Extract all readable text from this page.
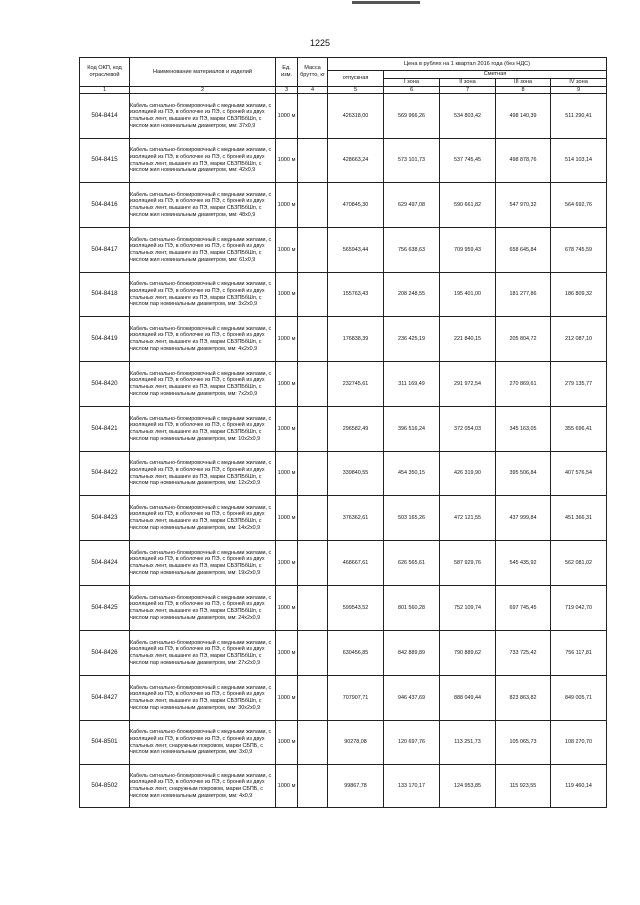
1225
Код ОКП, код отраслевой	Наименование материалов и изделий	Ед. изм.	Масса брутто, кг	Цена в рублях на 1 квартал 2016 года (без НДС)				
				отпускная	Сметная			
					I зона	II зона	III зона	IV зона
1	2	3	4	5	6	7	8	9
504-8414	Кабель сигнально-блокировочный с медными жилами, с изоляцией из ПЭ, в оболочке из ПЭ, с броней из двух стальных лент, вышанге из ПЭ, марки СБЗПБбШп, с числом жил номинальным диаметром, мм: 37х0,9	1000 м		426318,00	569 966,26	534 803,42	498 140,39	511 290,41
504-8415	Кабель сигнально-блокировочный с медными жилами, с изоляцией из ПЭ, в оболочке из ПЭ, с броней из двух стальных лент, вышанге из ПЭ, марки СБЗПБбШп, с числом жил номинальным диаметром, мм: 42х0,9	1000 м		428663,24	573 101,73	537 745,45	498 878,76	514 103,14
504-8416	Кабель сигнально-блокировочный с медными жилами, с изоляцией из ПЭ, в оболочке из ПЭ, с броней из двух стальных лент, вышанге из ПЭ, марки СБЗПБбШп, с числом жил номинальным диаметром, мм: 48х0,9	1000 м		470845,30	629 497,08	590 661,82	547 970,32	564 692,76
504-8417	Кабель сигнально-блокировочный с медными жилами, с изоляцией из ПЭ, в оболочке из ПЭ, с броней из двух стальных лент, вышанге из ПЭ, марки СБЗПБбШп, с числом жил номинальным диаметром, мм: 61х0,9	1000 м		565943,44	756 638,63	709 959,43	658 645,84	678 745,59
504-8418	Кабель сигнально-блокировочный с медными жилами, с изоляцией из ПЭ, в оболочке из ПЭ, с броней из двух стальных лент, вышанге из ПЭ, марки СБЗПБбШп, с числом пар номинальным диаметром, мм: 3х2х0,9	1000 м		155763,43	208 248,55	195 401,00	181 277,86	186 809,32
504-8419	Кабель сигнально-блокировочный с медными жилами, с изоляцией из ПЭ, в оболочке из ПЭ, с броней из двух стальных лент, вышанге из ПЭ, марки СБЗПБбШп, с числом пар номинальным диаметром, мм: 4х2х0,9	1000 м		176838,39	236 425,19	221 840,15	205 804,72	212 087,10
504-8420	Кабель сигнально-блокировочный с медными жилами, с изоляцией из ПЭ, в оболочке из ПЭ, с броней из двух стальных лент, вышанге из ПЭ, марки СБЗПБбШп, с числом пар номинальным диаметром, мм: 7х2х0,9	1000 м		232745,61	311 169,49	291 972,54	270 869,61	279 135,77
504-8421	Кабель сигнально-блокировочный с медными жилами, с изоляцией из ПЭ, в оболочке из ПЭ, с броней из двух стальных лент, вышанге из ПЭ, марки СБЗПБбШп, с числом пар номинальным диаметром, мм: 10х2х0,9	1000 м		296582,49	396 516,24	372 054,03	345 163,05	355 696,41
504-8422	Кабель сигнально-блокировочный с медными жилами, с изоляцией из ПЭ, в оболочке из ПЭ, с броней из двух стальных лент, вышанге из ПЭ, марки СБЗПБбШп, с числом пар номинальным диаметром, мм: 12х2х0,9	1000 м		339840,55	454 350,15	426 319,90	395 506,84	407 576,54
504-8423	Кабель сигнально-блокировочный с медными жилами, с изоляцией из ПЭ, в оболочке из ПЭ, с броней из двух стальных лент, вышанге из ПЭ, марки СБЗПБбШп, с числом пар номинальным диаметром, мм: 14х2х0,9	1000 м		376362,61	503 165,26	472 121,55	437 999,84	451 366,31
504-8424	Кабель сигнально-блокировочный с медными жилами, с изоляцией из ПЭ, в оболочке из ПЭ, с броней из двух стальных лент, вышанге из ПЭ, марки СБЗПБбШп, с числом пар номинальным диаметром, мм: 19х2х0,9	1000 м		468667,61	626 565,61	587 929,76	545 435,92	562 081,02
504-8425	Кабель сигнально-блокировочный с медными жилами, с изоляцией из ПЭ, в оболочке из ПЭ, с броней из двух стальных лент, вышанге из ПЭ, марки СБЗПБбШп, с числом пар номинальным диаметром, мм: 24х2х0,9	1000 м		599543,52	801 560,28	752 109,74	697 745,45	719 042,70
504-8426	Кабель сигнально-блокировочный с медными жилами, с изоляцией из ПЭ, в оболочке из ПЭ, с броней из двух стальных лент, вышанге из ПЭ, марки СБЗПБбШп, с числом пар номинальным диаметром, мм: 27х2х0,9	1000 м		630456,85	842 889,89	790 889,62	733 725,42	756 117,81
504-8427	Кабель сигнально-блокировочный с медными жилами, с изоляцией из ПЭ, в оболочке из ПЭ, с броней из двух стальных лент, вышанге из ПЭ, марки СБЗПБбШп, с числом пар номинальным диаметром, мм: 30х2х0,9	1000 м		707907,71	946 437,69	888 049,44	823 863,82	849 005,71
504-8501	Кабель сигнально-блокировочный с медными жилами, с изоляцией из ПЭ, в оболочке из ПЭ, с броней из двух стальных лент, снаружным покровом, марки СБПБ, с числом жил номинальным диаметром, мм: 3х0,9	1000 м		90278,08	120 697,76	113 251,73	105 065,73	108 270,70
504-8502	Кабель сигнально-блокировочный с медными жилами, с изоляцией из ПЭ, в оболочке из ПЭ, с броней из двух стальных лент, снаружным покровом, марки СБПБ, с числом жил номинальным диаметром, мм: 4х0,9	1000 м		99867,78	133 170,17	124 953,85	115 923,55	119 460,14
